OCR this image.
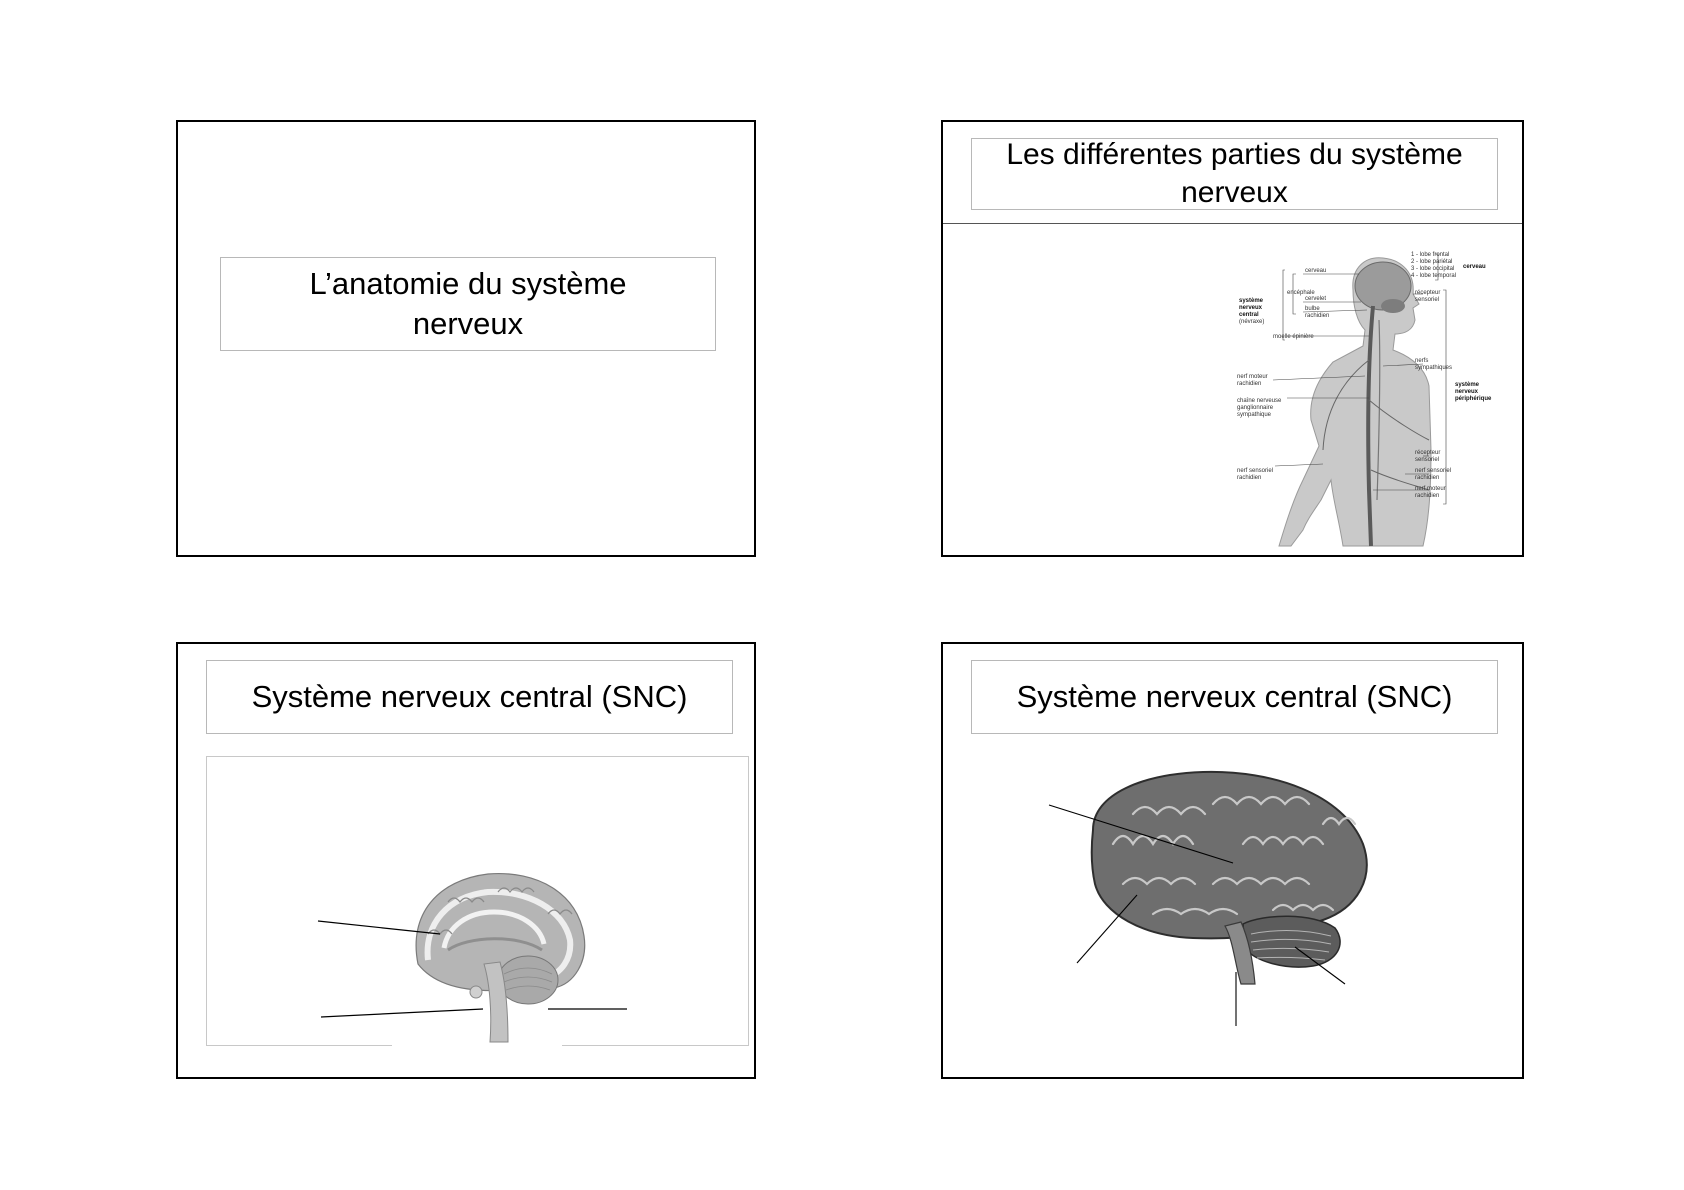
L’anatomie du système
nerveux
Les différentes parties du système
nerveux
cerveau
cervelet
bulbe
rachidien
encéphale
système
nerveux
central
(névraxe)
moelle épinière
nerf moteur
rachidien
chaîne nerveuse
ganglionnaire
sympathique
nerf sensoriel
rachidien
1 - lobe frontal
2 - lobe pariétal
3 - lobe occipital
4 - lobe temporal
cerveau
récepteur
sensoriel
nerfs
sympathiques
système
nerveux
périphérique
récepteur
sensoriel
nerf sensoriel
rachidien
nerf moteur
rachidien
Système nerveux central (SNC)	Système nerveux central (SNC)
